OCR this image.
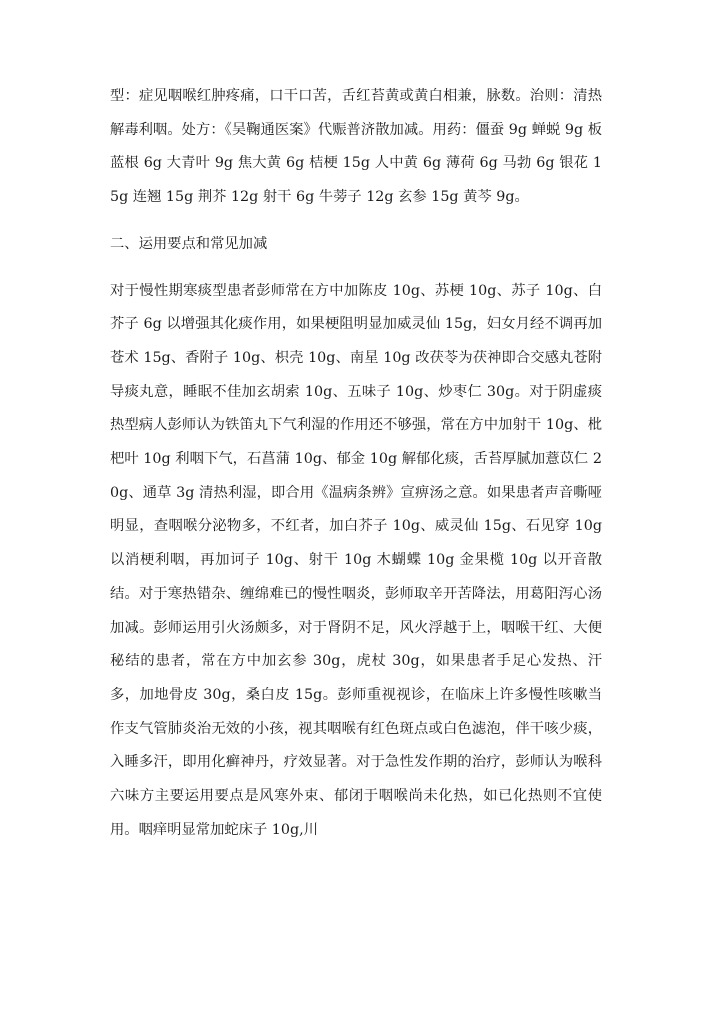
型：症见咽喉红肿疼痛，口干口苦，舌红苔黄或黄白相兼，脉数。治则：清热解毒利咽。处方：《吴鞠通医案》代赈普济散加减。用药：僵蚕 9g 蝉蜕 9g 板蓝根 6g 大青叶 9g 焦大黄 6g 桔梗 15g 人中黄 6g 薄荷 6g 马勃 6g 银花 15g 连翘 15g 荆芥 12g 射干 6g 牛蒡子 12g 玄参 15g 黄芩 9g。

二、运用要点和常见加减

对于慢性期寒痰型患者彭师常在方中加陈皮 10g、苏梗 10g、苏子 10g、白芥子 6g 以增强其化痰作用，如果梗阻明显加威灵仙 15g，妇女月经不调再加苍术 15g、香附子 10g、枳壳 10g、南星 10g 改茯苓为茯神即合交感丸苍附导痰丸意，睡眠不佳加玄胡索 10g、五味子 10g、炒枣仁 30g。对于阴虚痰热型病人彭师认为铁笛丸下气利湿的作用还不够强，常在方中加射干 10g、枇杷叶 10g 利咽下气，石菖蒲 10g、郁金 10g 解郁化痰，舌苔厚腻加薏苡仁 20g、通草 3g 清热利湿，即合用《温病条辨》宣痹汤之意。如果患者声音嘶哑明显，查咽喉分泌物多，不红者，加白芥子 10g、威灵仙 15g、石见穿 10g 以消梗利咽，再加诃子 10g、射干 10g 木蝴蝶 10g 金果榄 10g 以开音散结。对于寒热错杂、缠绵难已的慢性咽炎，彭师取辛开苦降法，用葛阳泻心汤加减。彭师运用引火汤颇多，对于肾阴不足，风火浮越于上，咽喉干红、大便秘结的患者，常在方中加玄参 30g，虎杖 30g，如果患者手足心发热、汗多，加地骨皮 30g，桑白皮 15g。彭师重视视诊，在临床上许多慢性咳嗽当作支气管肺炎治无效的小孩，视其咽喉有红色斑点或白色滤泡，伴干咳少痰，入睡多汗，即用化癣神丹，疗效显著。对于急性发作期的治疗，彭师认为喉科六味方主要运用要点是风寒外束、郁闭于咽喉尚未化热，如已化热则不宜使用。咽痒明显常加蛇床子 10g,川
